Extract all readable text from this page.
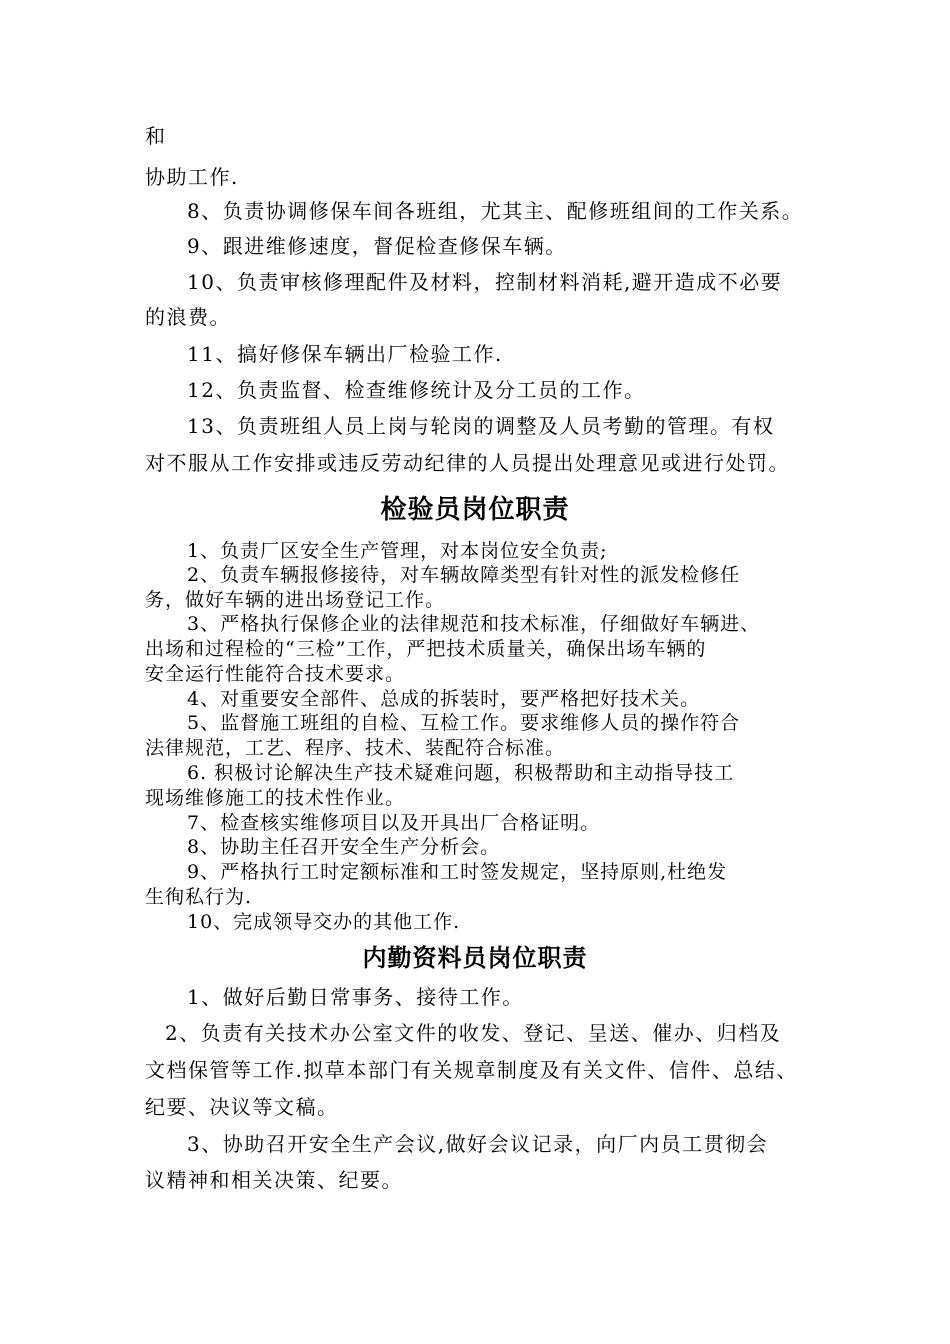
和
协助工作.
8、负责协调修保车间各班组，尤其主、配修班组间的工作关系。
9、跟进维修速度，督促检查修保车辆。
10、负责审核修理配件及材料，控制材料消耗,避开造成不必要
的浪费。
11、搞好修保车辆出厂检验工作.
12、负责监督、检查维修统计及分工员的工作。
13、负责班组人员上岗与轮岗的调整及人员考勤的管理。有权
对不服从工作安排或违反劳动纪律的人员提出处理意见或进行处罚。
检验员岗位职责
1、负责厂区安全生产管理，对本岗位安全负责;
2、负责车辆报修接待，对车辆故障类型有针对性的派发检修任
务，做好车辆的进出场登记工作。
3、严格执行保修企业的法律规范和技术标准，仔细做好车辆进、
出场和过程检的“三检”工作，严把技术质量关，确保出场车辆的
安全运行性能符合技术要求。
4、对重要安全部件、总成的拆装时，要严格把好技术关。
5、监督施工班组的自检、互检工作。要求维修人员的操作符合
法律规范，工艺、程序、技术、装配符合标准。
6. 积极讨论解决生产技术疑难问题，积极帮助和主动指导技工
现场维修施工的技术性作业。
7、检查核实维修项目以及开具出厂合格证明。
8、协助主任召开安全生产分析会。
9、严格执行工时定额标准和工时签发规定，坚持原则,杜绝发
生徇私行为.
10、完成领导交办的其他工作.
内勤资料员岗位职责
1、做好后勤日常事务、接待工作。
2、负责有关技术办公室文件的收发、登记、呈送、催办、归档及
文档保管等工作.拟草本部门有关规章制度及有关文件、信件、总结、
纪要、决议等文稿。
3、协助召开安全生产会议,做好会议记录，向厂内员工贯彻会
议精神和相关决策、纪要。
